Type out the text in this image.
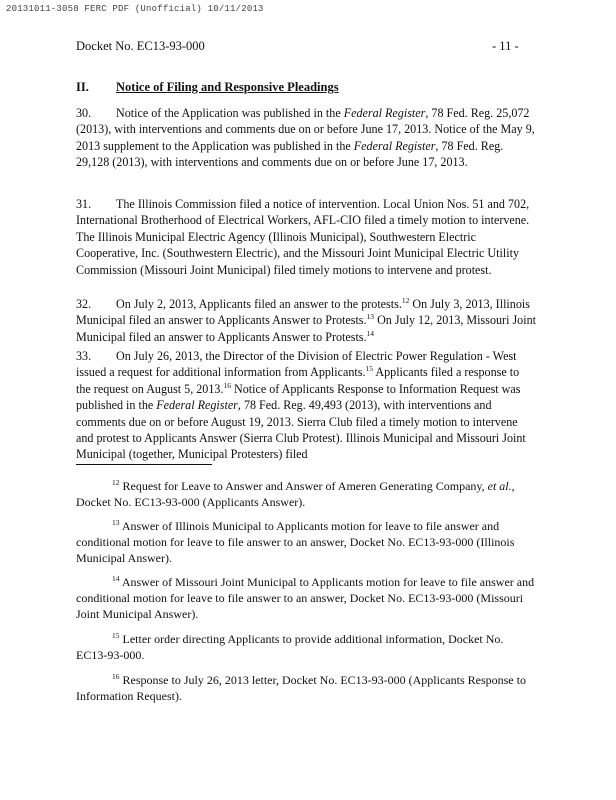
20131011-3058 FERC PDF (Unofficial) 10/11/2013
Docket No. EC13-93-000	- 11 -
II. Notice of Filing and Responsive Pleadings

30. Notice of the Application was published in the Federal Register, 78 Fed. Reg. 25,072 (2013), with interventions and comments due on or before June 17, 2013. Notice of the May 9, 2013 supplement to the Application was published in the Federal Register, 78 Fed. Reg. 29,128 (2013), with interventions and comments due on or before June 17, 2013.

31. The Illinois Commission filed a notice of intervention. Local Union Nos. 51 and 702, International Brotherhood of Electrical Workers, AFL-CIO filed a timely motion to intervene. The Illinois Municipal Electric Agency (Illinois Municipal), Southwestern Electric Cooperative, Inc. (Southwestern Electric), and the Missouri Joint Municipal Electric Utility Commission (Missouri Joint Municipal) filed timely motions to intervene and protest.

32. On July 2, 2013, Applicants filed an answer to the protests.$^{12}$ On July 3, 2013, Illinois Municipal filed an answer to Applicants Answer to Protests.$^{13}$ On July 12, 2013, Missouri Joint Municipal filed an answer to Applicants Answer to Protests.$^{14}$

33. On July 26, 2013, the Director of the Division of Electric Power Regulation - West issued a request for additional information from Applicants.$^{15}$ Applicants filed a response to the request on August 5, 2013.16 Notice of Applicants Response to Information Request was published in the Federal Register, 78 Fed. Reg. 49,493 (2013), with interventions and comments due on or before August 19, 2013. Sierra Club filed a timely motion to intervene and protest to Applicants Answer (Sierra Club Protest). Illinois Municipal and Missouri Joint Municipal (together, Municipal Protesters) filed

$^{12}$ Request for Leave to Answer and Answer of Ameren Generating Company, et al., Docket No. EC13-93-000 (Applicants Answer).

$^{13}$ Answer of Illinois Municipal to Applicants motion for leave to file answer and conditional motion for leave to file answer to an answer, Docket No. EC13-93-000 (Illinois Municipal Answer).

$^{14}$ Answer of Missouri Joint Municipal to Applicants motion for leave to file answer and conditional motion for leave to file answer to an answer, Docket No. EC13-93-000 (Missouri Joint Municipal Answer).

$^{15}$ Letter order directing Applicants to provide additional information, Docket No. EC13-93-000.

$^{16}$ Response to July 26, 2013 letter, Docket No. EC13-93-000 (Applicants Response to Information Request).
